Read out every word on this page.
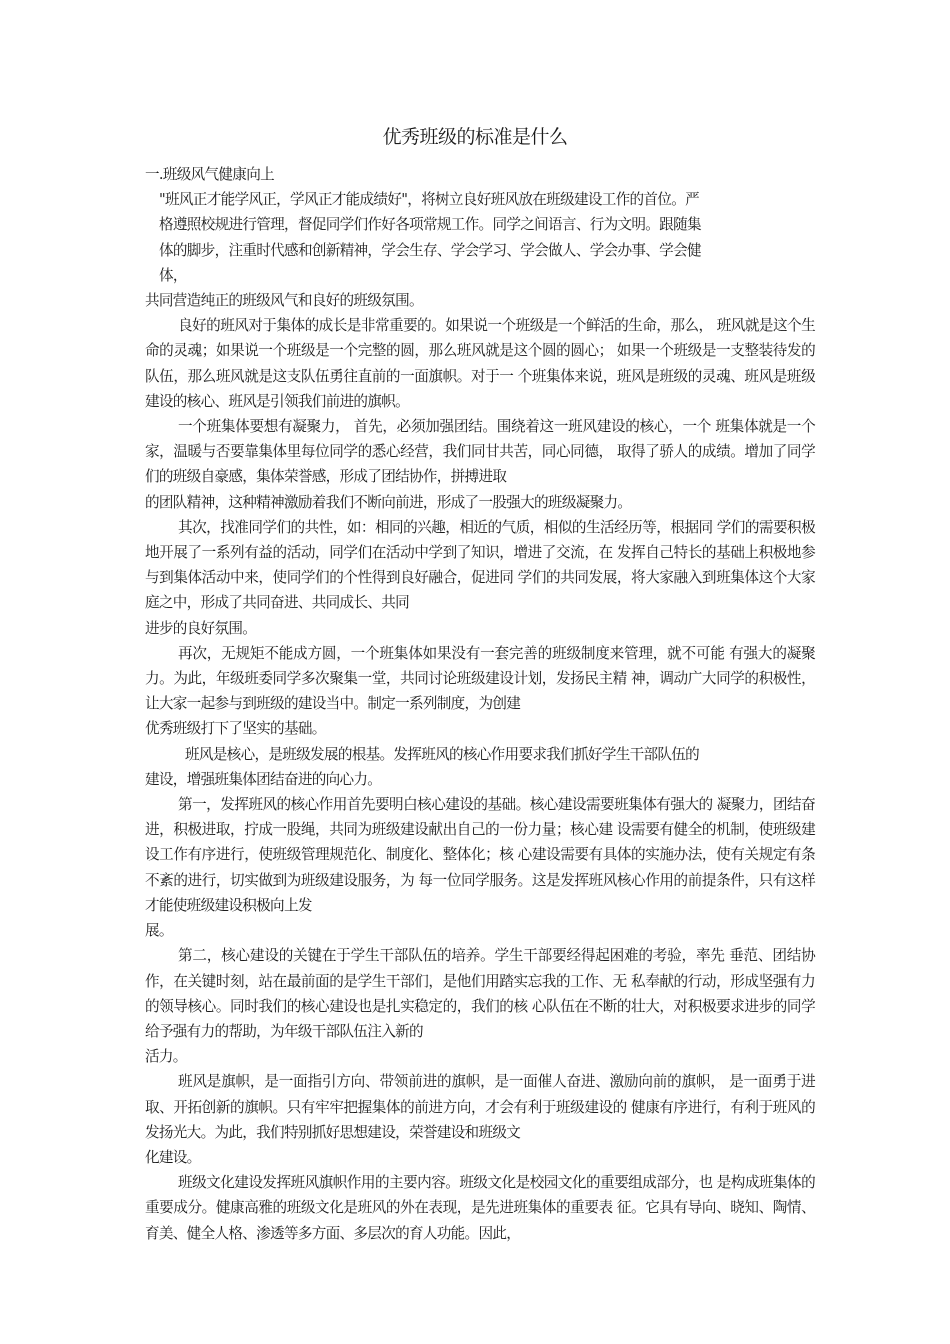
优秀班级的标准是什么
一.班级风气健康向上

"班风正才能学风正，学风正才能成绩好"，将树立良好班风放在班级建设工作的首位。严格遵照校规进行管理，督促同学们作好各项常规工作。同学之间语言、行为文明。跟随集体的脚步，注重时代感和创新精神，学会生存、学会学习、学会做人、学会办事、学会健体，

共同营造纯正的班级风气和良好的班级氛围。

良好的班风对于集体的成长是非常重要的。如果说一个班级是一个鲜活的生命，那么， 班风就是这个生命的灵魂；如果说一个班级是一个完整的圆，那么班风就是这个圆的圆心； 如果一个班级是一支整装待发的队伍，那么班风就是这支队伍勇往直前的一面旗帜。对于一 个班集体来说，班风是班级的灵魂、班风是班级建设的核心、班风是引领我们前进的旗帜。

一个班集体要想有凝聚力， 首先，必须加强团结。围绕着这一班风建设的核心，一个 班集体就是一个家，温暖与否要靠集体里每位同学的悉心经营，我们同甘共苦，同心同德， 取得了骄人的成绩。增加了同学们的班级自豪感，集体荣誉感，形成了团结协作，拼搏进取

的团队精神，这种精神激励着我们不断向前进，形成了一股强大的班级凝聚力。

其次，找准同学们的共性，如：相同的兴趣，相近的气质，相似的生活经历等，根据同 学们的需要积极地开展了一系列有益的活动，同学们在活动中学到了知识，增进了交流，在 发挥自己特长的基础上积极地参与到集体活动中来，使同学们的个性得到良好融合，促进同 学们的共同发展，将大家融入到班集体这个大家庭之中，形成了共同奋进、共同成长、共同

进步的良好氛围。

再次，无规矩不能成方圆，一个班集体如果没有一套完善的班级制度来管理，就不可能 有强大的凝聚力。为此，年级班委同学多次聚集一堂，共同讨论班级建设计划，发扬民主精 神，调动广大同学的积极性，让大家一起参与到班级的建设当中。制定一系列制度，为创建

优秀班级打下了坚实的基础。

班风是核心，是班级发展的根基。发挥班风的核心作用要求我们抓好学生干部队伍的

建设，增强班集体团结奋进的向心力。

第一，发挥班风的核心作用首先要明白核心建设的基础。核心建设需要班集体有强大的 凝聚力，团结奋进，积极进取，拧成一股绳，共同为班级建设献出自己的一份力量；核心建 设需要有健全的机制，使班级建设工作有序进行，使班级管理规范化、制度化、整体化；核 心建设需要有具体的实施办法，使有关规定有条不紊的进行，切实做到为班级建设服务，为 每一位同学服务。这是发挥班风核心作用的前提条件，只有这样才能使班级建设积极向上发

展。

第二，核心建设的关键在于学生干部队伍的培养。学生干部要经得起困难的考验，率先 垂范、团结协作，在关键时刻，站在最前面的是学生干部们，是他们用踏实忘我的工作、无 私奉献的行动，形成坚强有力的领导核心。同时我们的核心建设也是扎实稳定的，我们的核 心队伍在不断的壮大，对积极要求进步的同学给予强有力的帮助，为年级干部队伍注入新的

活力。

班风是旗帜，是一面指引方向、带领前进的旗帜，是一面催人奋进、激励向前的旗帜， 是一面勇于进取、开拓创新的旗帜。只有牢牢把握集体的前进方向，才会有利于班级建设的 健康有序进行，有利于班风的发扬光大。为此，我们特别抓好思想建设，荣誉建设和班级文

化建设。

班级文化建设发挥班风旗帜作用的主要内容。班级文化是校园文化的重要组成部分，也 是构成班集体的重要成分。健康高雅的班级文化是班风的外在表现，是先进班集体的重要表 征。它具有导向、晓知、陶情、育美、健全人格、渗透等多方面、多层次的育人功能。因此，
